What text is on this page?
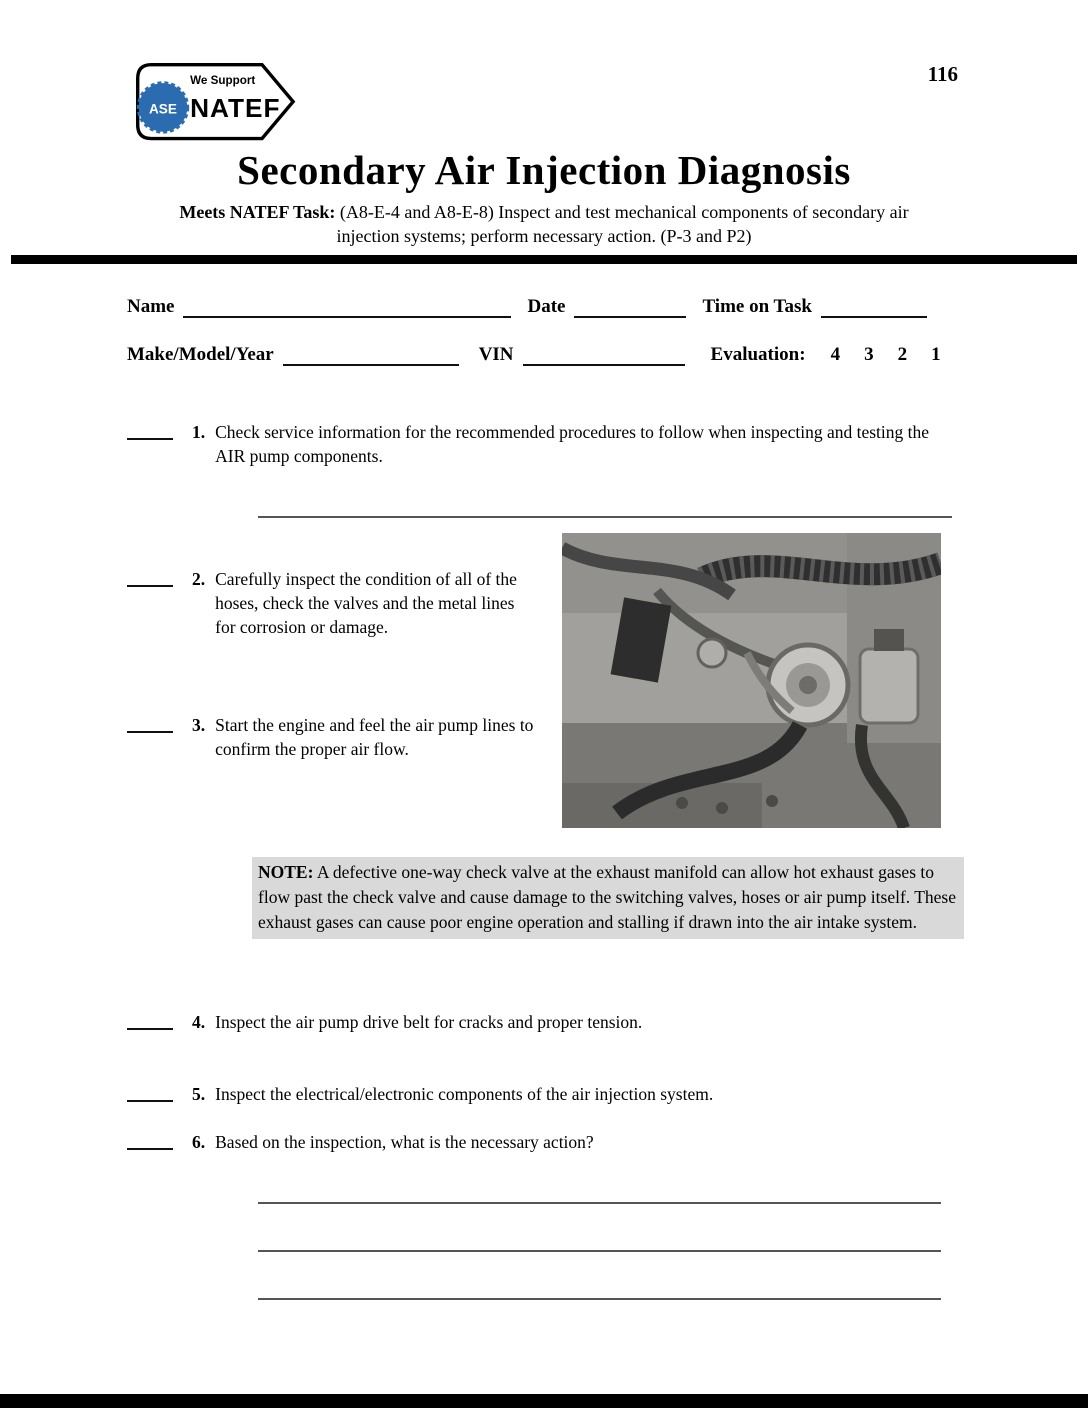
116
ASE
We Support
NATEF
Secondary Air Injection Diagnosis

Meets NATEF Task: (A8-E-4 and A8-E-8) Inspect and test mechanical components of secondary air injection systems; perform necessary action. (P-3 and P2)

Name	Date	Time on Task
Make/Model/Year	VIN	Evaluation: 4 3 2 1
1. Check service information for the recommended procedures to follow when inspecting and testing the AIR pump components.
2. Carefully inspect the condition of all of the hoses, check the valves and the metal lines for corrosion or damage.
3. Start the engine and feel the air pump lines to confirm the proper air flow.
NOTE: A defective one-way check valve at the exhaust manifold can allow hot exhaust gases to flow past the check valve and cause damage to the switching valves, hoses or air pump itself. These exhaust gases can cause poor engine operation and stalling if drawn into the air intake system.
4. Inspect the air pump drive belt for cracks and proper tension.
5. Inspect the electrical/electronic components of the air injection system.
6. Based on the inspection, what is the necessary action?
